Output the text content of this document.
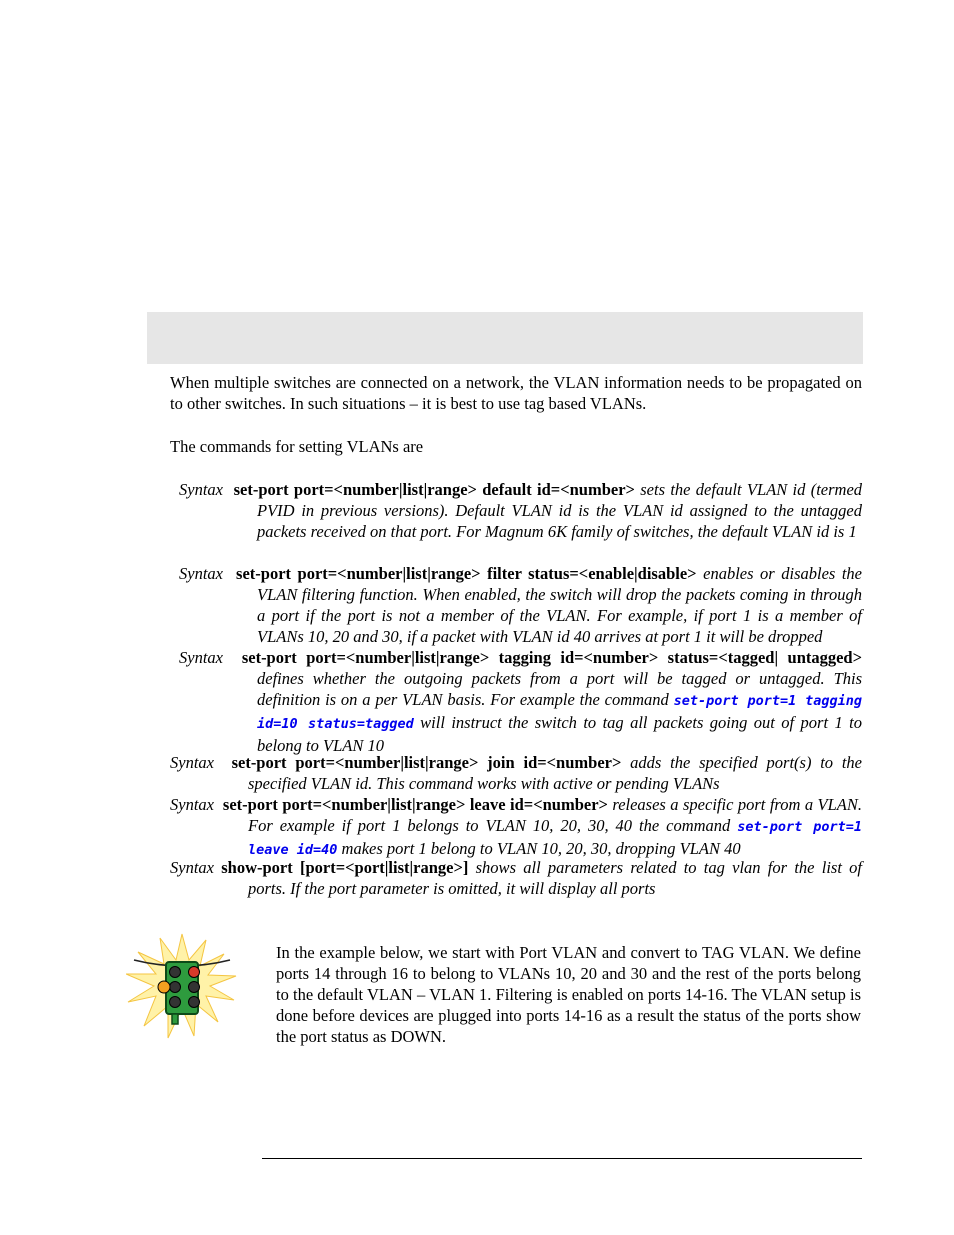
When multiple switches are connected on a network, the VLAN information needs to be propagated on to other switches. In such situations – it is best to use tag based VLANs.
The commands for setting VLANs are
Syntax set-port port=<number|list|range> default id=<number> sets the default VLAN id (termed PVID in previous versions). Default VLAN id is the VLAN id assigned to the untagged packets received on that port. For Magnum 6K family of switches, the default VLAN id is 1
Syntax set-port port=<number|list|range> filter status=<enable|disable> enables or disables the VLAN filtering function. When enabled, the switch will drop the packets coming in through a port if the port is not a member of the VLAN. For example, if port 1 is a member of VLANs 10, 20 and 30, if a packet with VLAN id 40 arrives at port 1 it will be dropped
Syntax set-port port=<number|list|range> tagging id=<number> status=<tagged| untagged> defines whether the outgoing packets from a port will be tagged or untagged. This definition is on a per VLAN basis. For example the command set-port port=1 tagging id=10 status=tagged will instruct the switch to tag all packets going out of port 1 to belong to VLAN 10
Syntax set-port port=<number|list|range> join id=<number> adds the specified port(s) to the specified VLAN id. This command works with active or pending VLANs
Syntax set-port port=<number|list|range> leave id=<number> releases a specific port from a VLAN. For example if port 1 belongs to VLAN 10, 20, 30, 40 the command set-port port=1 leave id=40 makes port 1 belong to VLAN 10, 20, 30, dropping VLAN 40
Syntax show-port [port=<port|list|range>] shows all parameters related to tag vlan for the list of ports. If the port parameter is omitted, it will display all ports
In the example below, we start with Port VLAN and convert to TAG VLAN. We define ports 14 through 16 to belong to VLANs 10, 20 and 30 and the rest of the ports belong to the default VLAN – VLAN 1. Filtering is enabled on ports 14-16. The VLAN setup is done before devices are plugged into ports 14-16 as a result the status of the ports show the port status as DOWN.
